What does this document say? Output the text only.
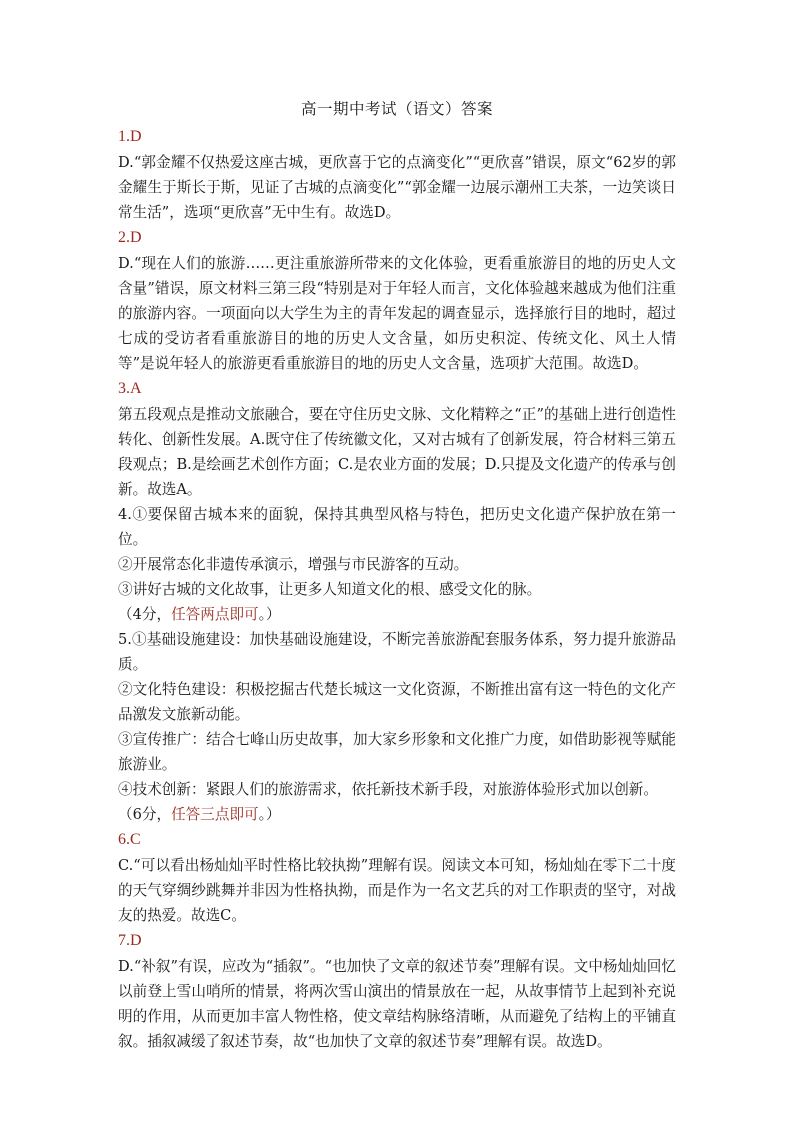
高一期中考试（语文）答案

1.D

D.“郭金耀不仅热爱这座古城，更欣喜于它的点滴变化”“更欣喜”错误，原文“62岁的郭金耀生于斯长于斯，见证了古城的点滴变化”“郭金耀一边展示潮州工夫茶，一边笑谈日常生活”，选项“更欣喜”无中生有。故选D。

2.D

D.“现在人们的旅游……更注重旅游所带来的文化体验，更看重旅游目的地的历史人文含量”错误，原文材料三第三段“特别是对于年轻人而言，文化体验越来越成为他们注重的旅游内容。一项面向以大学生为主的青年发起的调查显示，选择旅行目的地时，超过七成的受访者看重旅游目的地的历史人文含量，如历史积淀、传统文化、风土人情等”是说年轻人的旅游更看重旅游目的地的历史人文含量，选项扩大范围。故选D。

3.A

第五段观点是推动文旅融合，要在守住历史文脉、文化精粹之“正”的基础上进行创造性转化、创新性发展。A.既守住了传统徽文化，又对古城有了创新发展，符合材料三第五段观点；B.是绘画艺术创作方面；C.是农业方面的发展；D.只提及文化遗产的传承与创新。故选A。

4.①要保留古城本来的面貌，保持其典型风格与特色，把历史文化遗产保护放在第一位。

②开展常态化非遗传承演示，增强与市民游客的互动。

③讲好古城的文化故事，让更多人知道文化的根、感受文化的脉。

（4分，任答两点即可。）

5.①基础设施建设：加快基础设施建设，不断完善旅游配套服务体系，努力提升旅游品质。

②文化特色建设：积极挖掘古代楚长城这一文化资源，不断推出富有这一特色的文化产品激发文旅新动能。

③宣传推广：结合七峰山历史故事，加大家乡形象和文化推广力度，如借助影视等赋能旅游业。

④技术创新：紧跟人们的旅游需求，依托新技术新手段，对旅游体验形式加以创新。

（6分，任答三点即可。）

6.C

C.“可以看出杨灿灿平时性格比较执拗”理解有误。阅读文本可知，杨灿灿在零下二十度的天气穿绸纱跳舞并非因为性格执拗，而是作为一名文艺兵的对工作职责的坚守，对战友的热爱。故选C。

7.D

D.“补叙”有误，应改为“插叙”。“也加快了文章的叙述节奏”理解有误。文中杨灿灿回忆以前登上雪山哨所的情景，将两次雪山演出的情景放在一起，从故事情节上起到补充说明的作用，从而更加丰富人物性格，使文章结构脉络清晰，从而避免了结构上的平铺直叙。插叙减缓了叙述节奏，故“也加快了文章的叙述节奏”理解有误。故选D。
